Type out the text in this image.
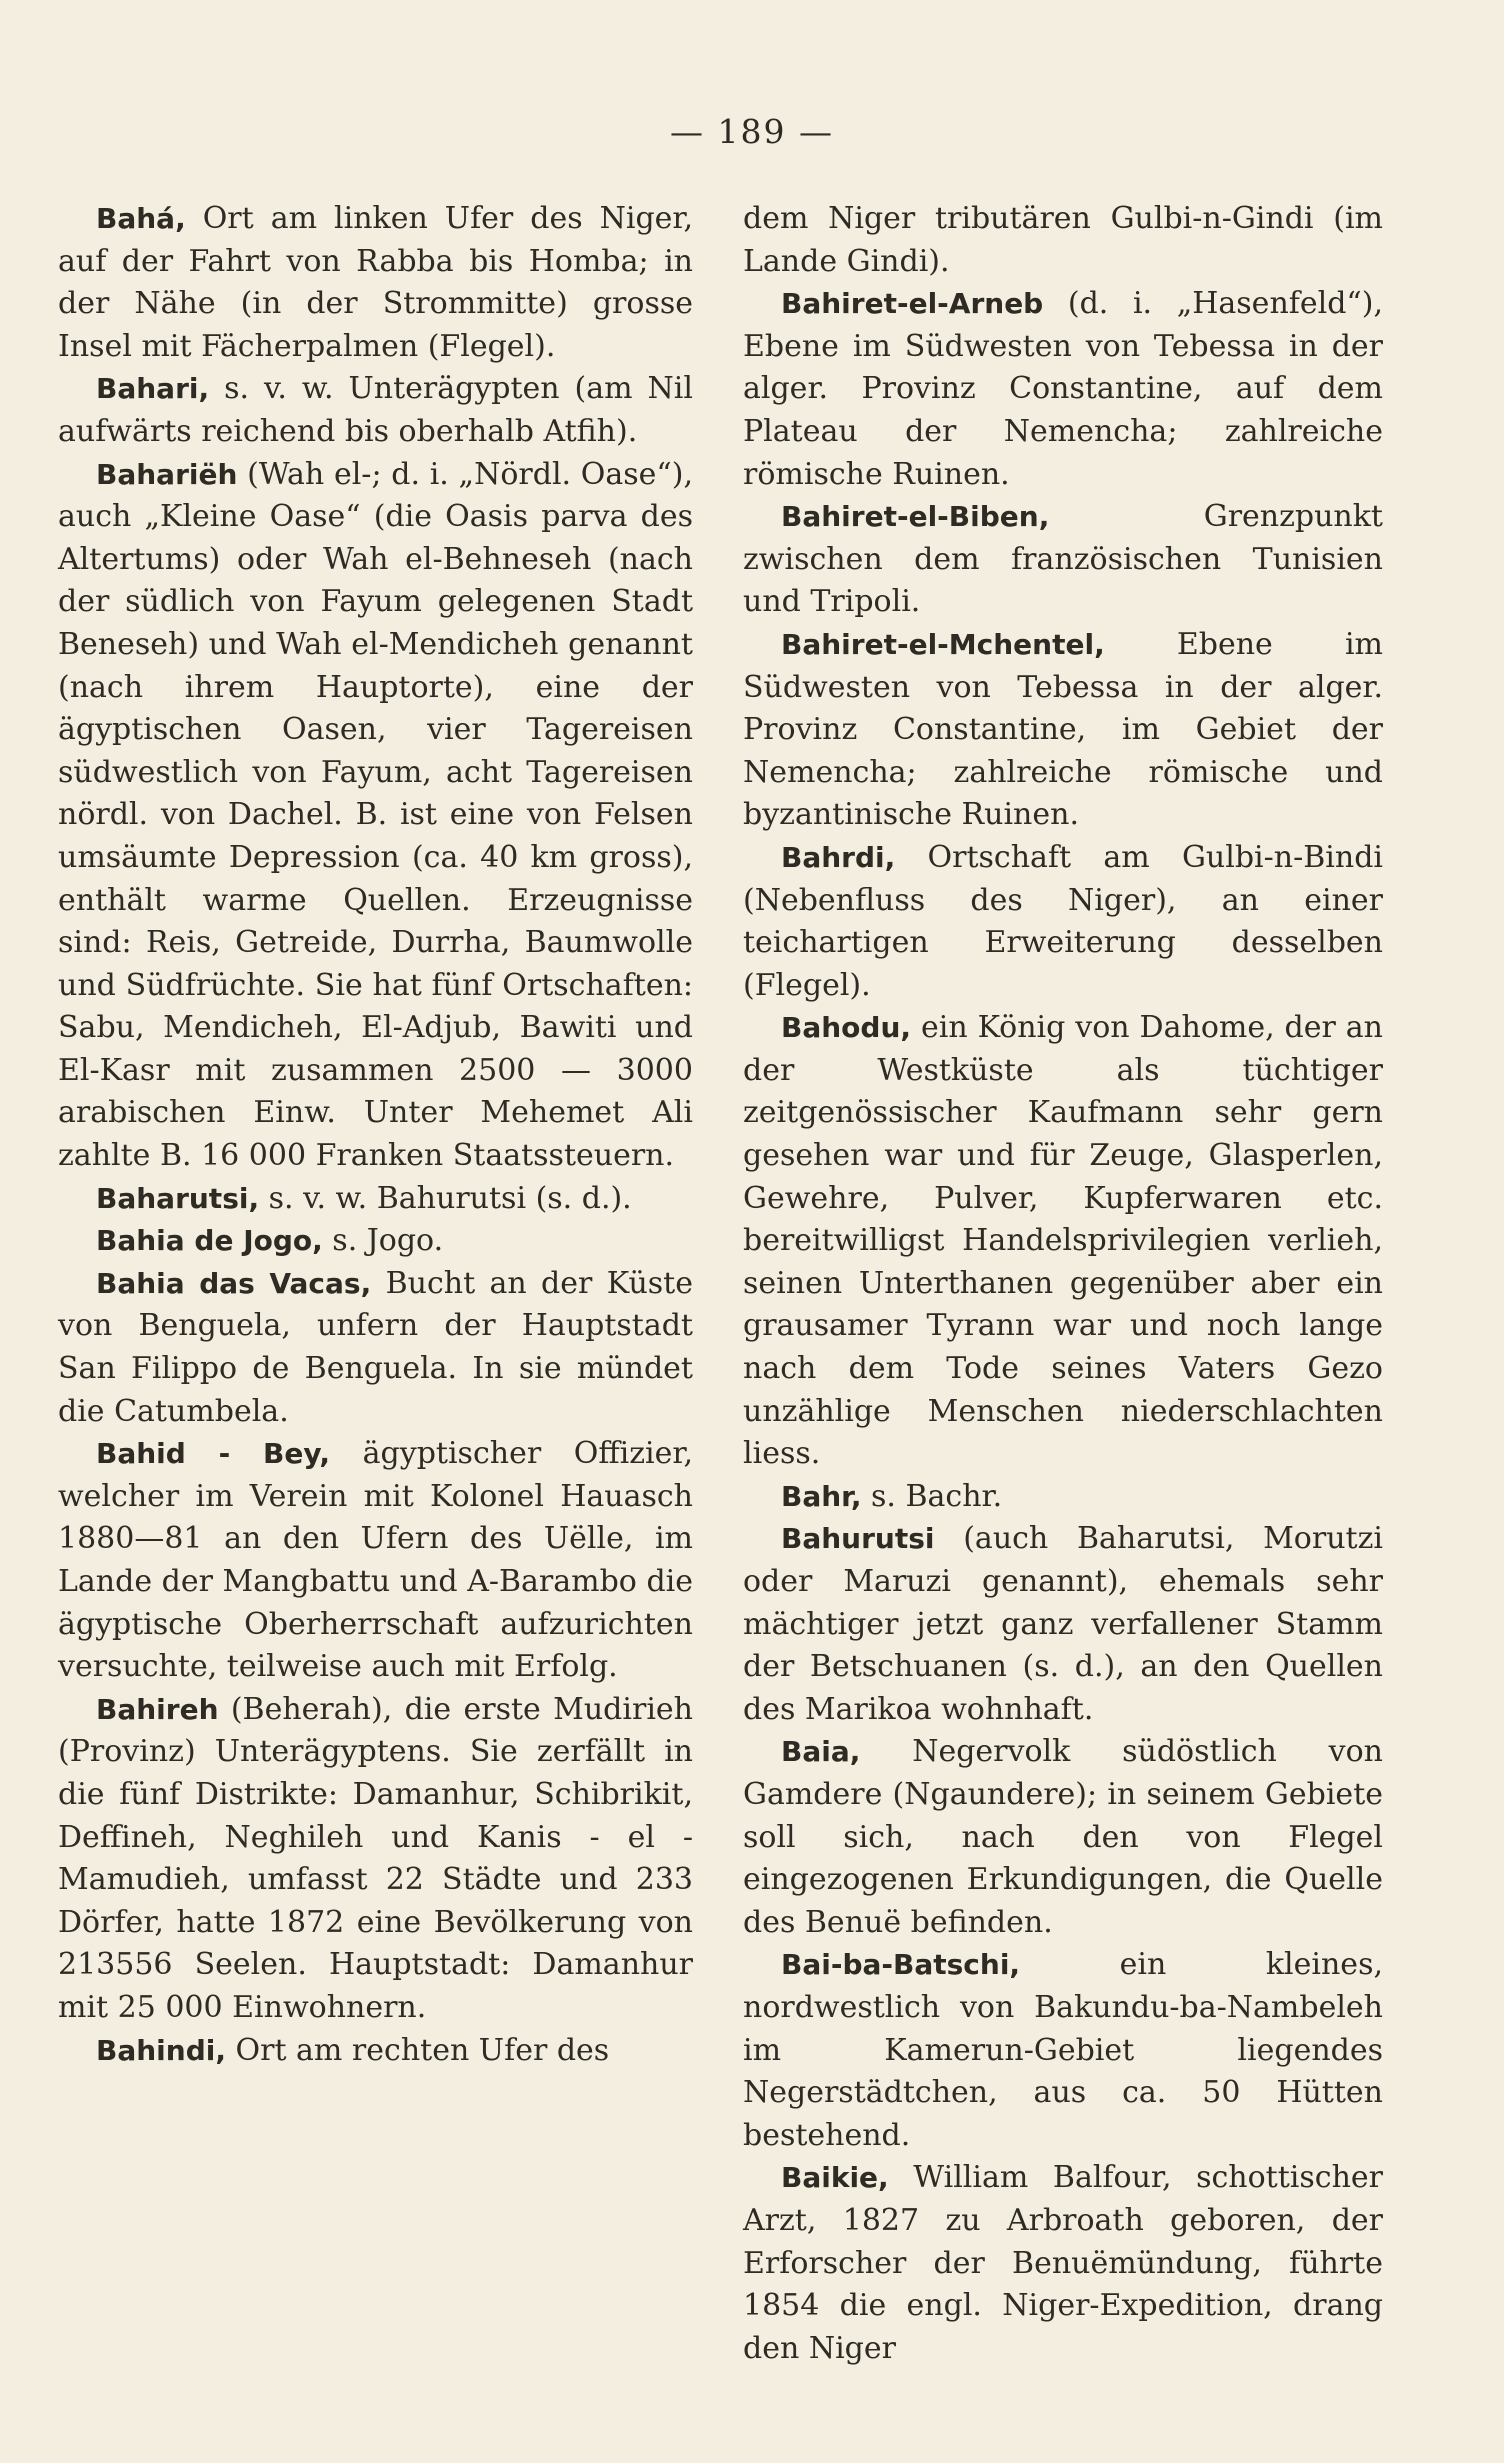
— 189 —

Bahá, Ort am linken Ufer des Niger, auf der Fahrt von Rabba bis Homba; in der Nähe (in der Strommitte) grosse Insel mit Fächerpalmen (Flegel).

Bahari, s. v. w. Unterägypten (am Nil aufwärts reichend bis oberhalb Atfih).

Bahariëh (Wah el-; d. i. „Nördl. Oase“), auch „Kleine Oase“ (die Oasis parva des Altertums) oder Wah el-Behneseh (nach der südlich von Fayum gelegenen Stadt Beneseh) und Wah el-Mendicheh genannt (nach ihrem Hauptorte), eine der ägyptischen Oasen, vier Tagereisen südwestlich von Fayum, acht Tagereisen nördl. von Dachel. B. ist eine von Felsen umsäumte Depression (ca. 40 km gross), enthält warme Quellen. Erzeugnisse sind: Reis, Getreide, Durrha, Baumwolle und Südfrüchte. Sie hat fünf Ortschaften: Sabu, Mendicheh, El-Adjub, Bawiti und El-Kasr mit zusammen 2500 — 3000 arabischen Einw. Unter Mehemet Ali zahlte B. 16 000 Franken Staatssteuern.

Baharutsi, s. v. w. Bahurutsi (s. d.).

Bahia de Jogo, s. Jogo.

Bahia das Vacas, Bucht an der Küste von Benguela, unfern der Hauptstadt San Filippo de Benguela. In sie mündet die Catumbela.

Bahid - Bey, ägyptischer Offizier, welcher im Verein mit Kolonel Hauasch 1880—81 an den Ufern des Uëlle, im Lande der Mangbattu und A-Barambo die ägyptische Oberherrschaft aufzurichten versuchte, teilweise auch mit Erfolg.

Bahireh (Beherah), die erste Mudirieh (Provinz) Unterägyptens. Sie zerfällt in die fünf Distrikte: Damanhur, Schibrikit, Deffineh, Neghileh und Kanis - el - Mamudieh, umfasst 22 Städte und 233 Dörfer, hatte 1872 eine Bevölkerung von 213556 Seelen. Hauptstadt: Damanhur mit 25 000 Einwohnern.

Bahindi, Ort am rechten Ufer des

dem Niger tributären Gulbi-n-Gindi (im Lande Gindi).

Bahiret-el-Arneb (d. i. „Hasenfeld“), Ebene im Südwesten von Tebessa in der alger. Provinz Constantine, auf dem Plateau der Nemencha; zahlreiche römische Ruinen.

Bahiret-el-Biben, Grenzpunkt zwischen dem französischen Tunisien und Tripoli.

Bahiret-el-Mchentel, Ebene im Südwesten von Tebessa in der alger. Provinz Constantine, im Gebiet der Nemencha; zahlreiche römische und byzantinische Ruinen.

Bahrdi, Ortschaft am Gulbi-n-Bindi (Nebenfluss des Niger), an einer teichartigen Erweiterung desselben (Flegel).

Bahodu, ein König von Dahome, der an der Westküste als tüchtiger zeitgenössischer Kaufmann sehr gern gesehen war und für Zeuge, Glasperlen, Gewehre, Pulver, Kupferwaren etc. bereitwilligst Handelsprivilegien verlieh, seinen Unterthanen gegenüber aber ein grausamer Tyrann war und noch lange nach dem Tode seines Vaters Gezo unzählige Menschen niederschlachten liess.

Bahr, s. Bachr.

Bahurutsi (auch Baharutsi, Morutzi oder Maruzi genannt), ehemals sehr mächtiger jetzt ganz verfallener Stamm der Betschuanen (s. d.), an den Quellen des Marikoa wohnhaft.

Baia, Negervolk südöstlich von Gamdere (Ngaundere); in seinem Gebiete soll sich, nach den von Flegel eingezogenen Erkundigungen, die Quelle des Benuë befinden.

Bai-ba-Batschi, ein kleines, nordwestlich von Bakundu-ba-Nambeleh im Kamerun-Gebiet liegendes Negerstädtchen, aus ca. 50 Hütten bestehend.

Baikie, William Balfour, schottischer Arzt, 1827 zu Arbroath geboren, der Erforscher der Benuëmündung, führte 1854 die engl. Niger-Expedition, drang den Niger
